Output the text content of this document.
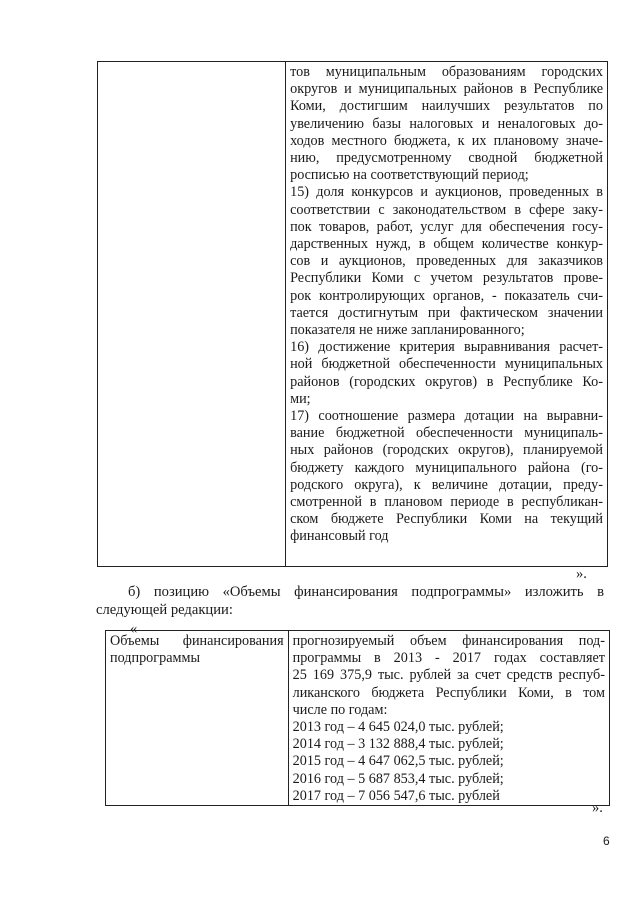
тов муниципальным образованиям городских
округов и муниципальных районов в Республике
Коми, достигшим наилучших результатов по
увеличению базы налоговых и неналоговых до-
ходов местного бюджета, к их плановому значе-
нию, предусмотренному сводной бюджетной
росписью на соответствующий период;
15) доля конкурсов и аукционов, проведенных в
соответствии с законодательством в сфере заку-
пок товаров, работ, услуг для обеспечения госу-
дарственных нужд, в общем количестве конкур-
сов и аукционов, проведенных для заказчиков
Республики Коми с учетом результатов прове-
рок контролирующих органов, - показатель счи-
тается достигнутым при фактическом значении
показателя не ниже запланированного;
16) достижение критерия выравнивания расчет-
ной бюджетной обеспеченности муниципальных
районов (городских округов) в Республике Ко-
ми;
17) соотношение размера дотации на выравни-
вание бюджетной обеспеченности муниципаль-
ных районов (городских округов), планируемой
бюджету каждого муниципального района (го-
родского округа), к величине дотации, преду-
смотренной в плановом периоде в республикан-
ском бюджете Республики Коми на текущий
финансовый год
».
б) позицию «Объемы финансирования подпрограммы» изложить в следующей редакции:
«
Объемы финансирования подпрограммы

прогнозируемый объем финансирования под-
программы в 2013 - 2017 годах составляет
25 169 375,9 тыс. рублей за счет средств респуб-
ликанского бюджета Республики Коми, в том
числе по годам:
2013 год – 4 645 024,0 тыс. рублей;
2014 год – 3 132 888,4 тыс. рублей;
2015 год – 4 647 062,5 тыс. рублей;
2016 год – 5 687 853,4 тыс. рублей;
2017 год – 7 056 547,6 тыс. рублей
».
6
